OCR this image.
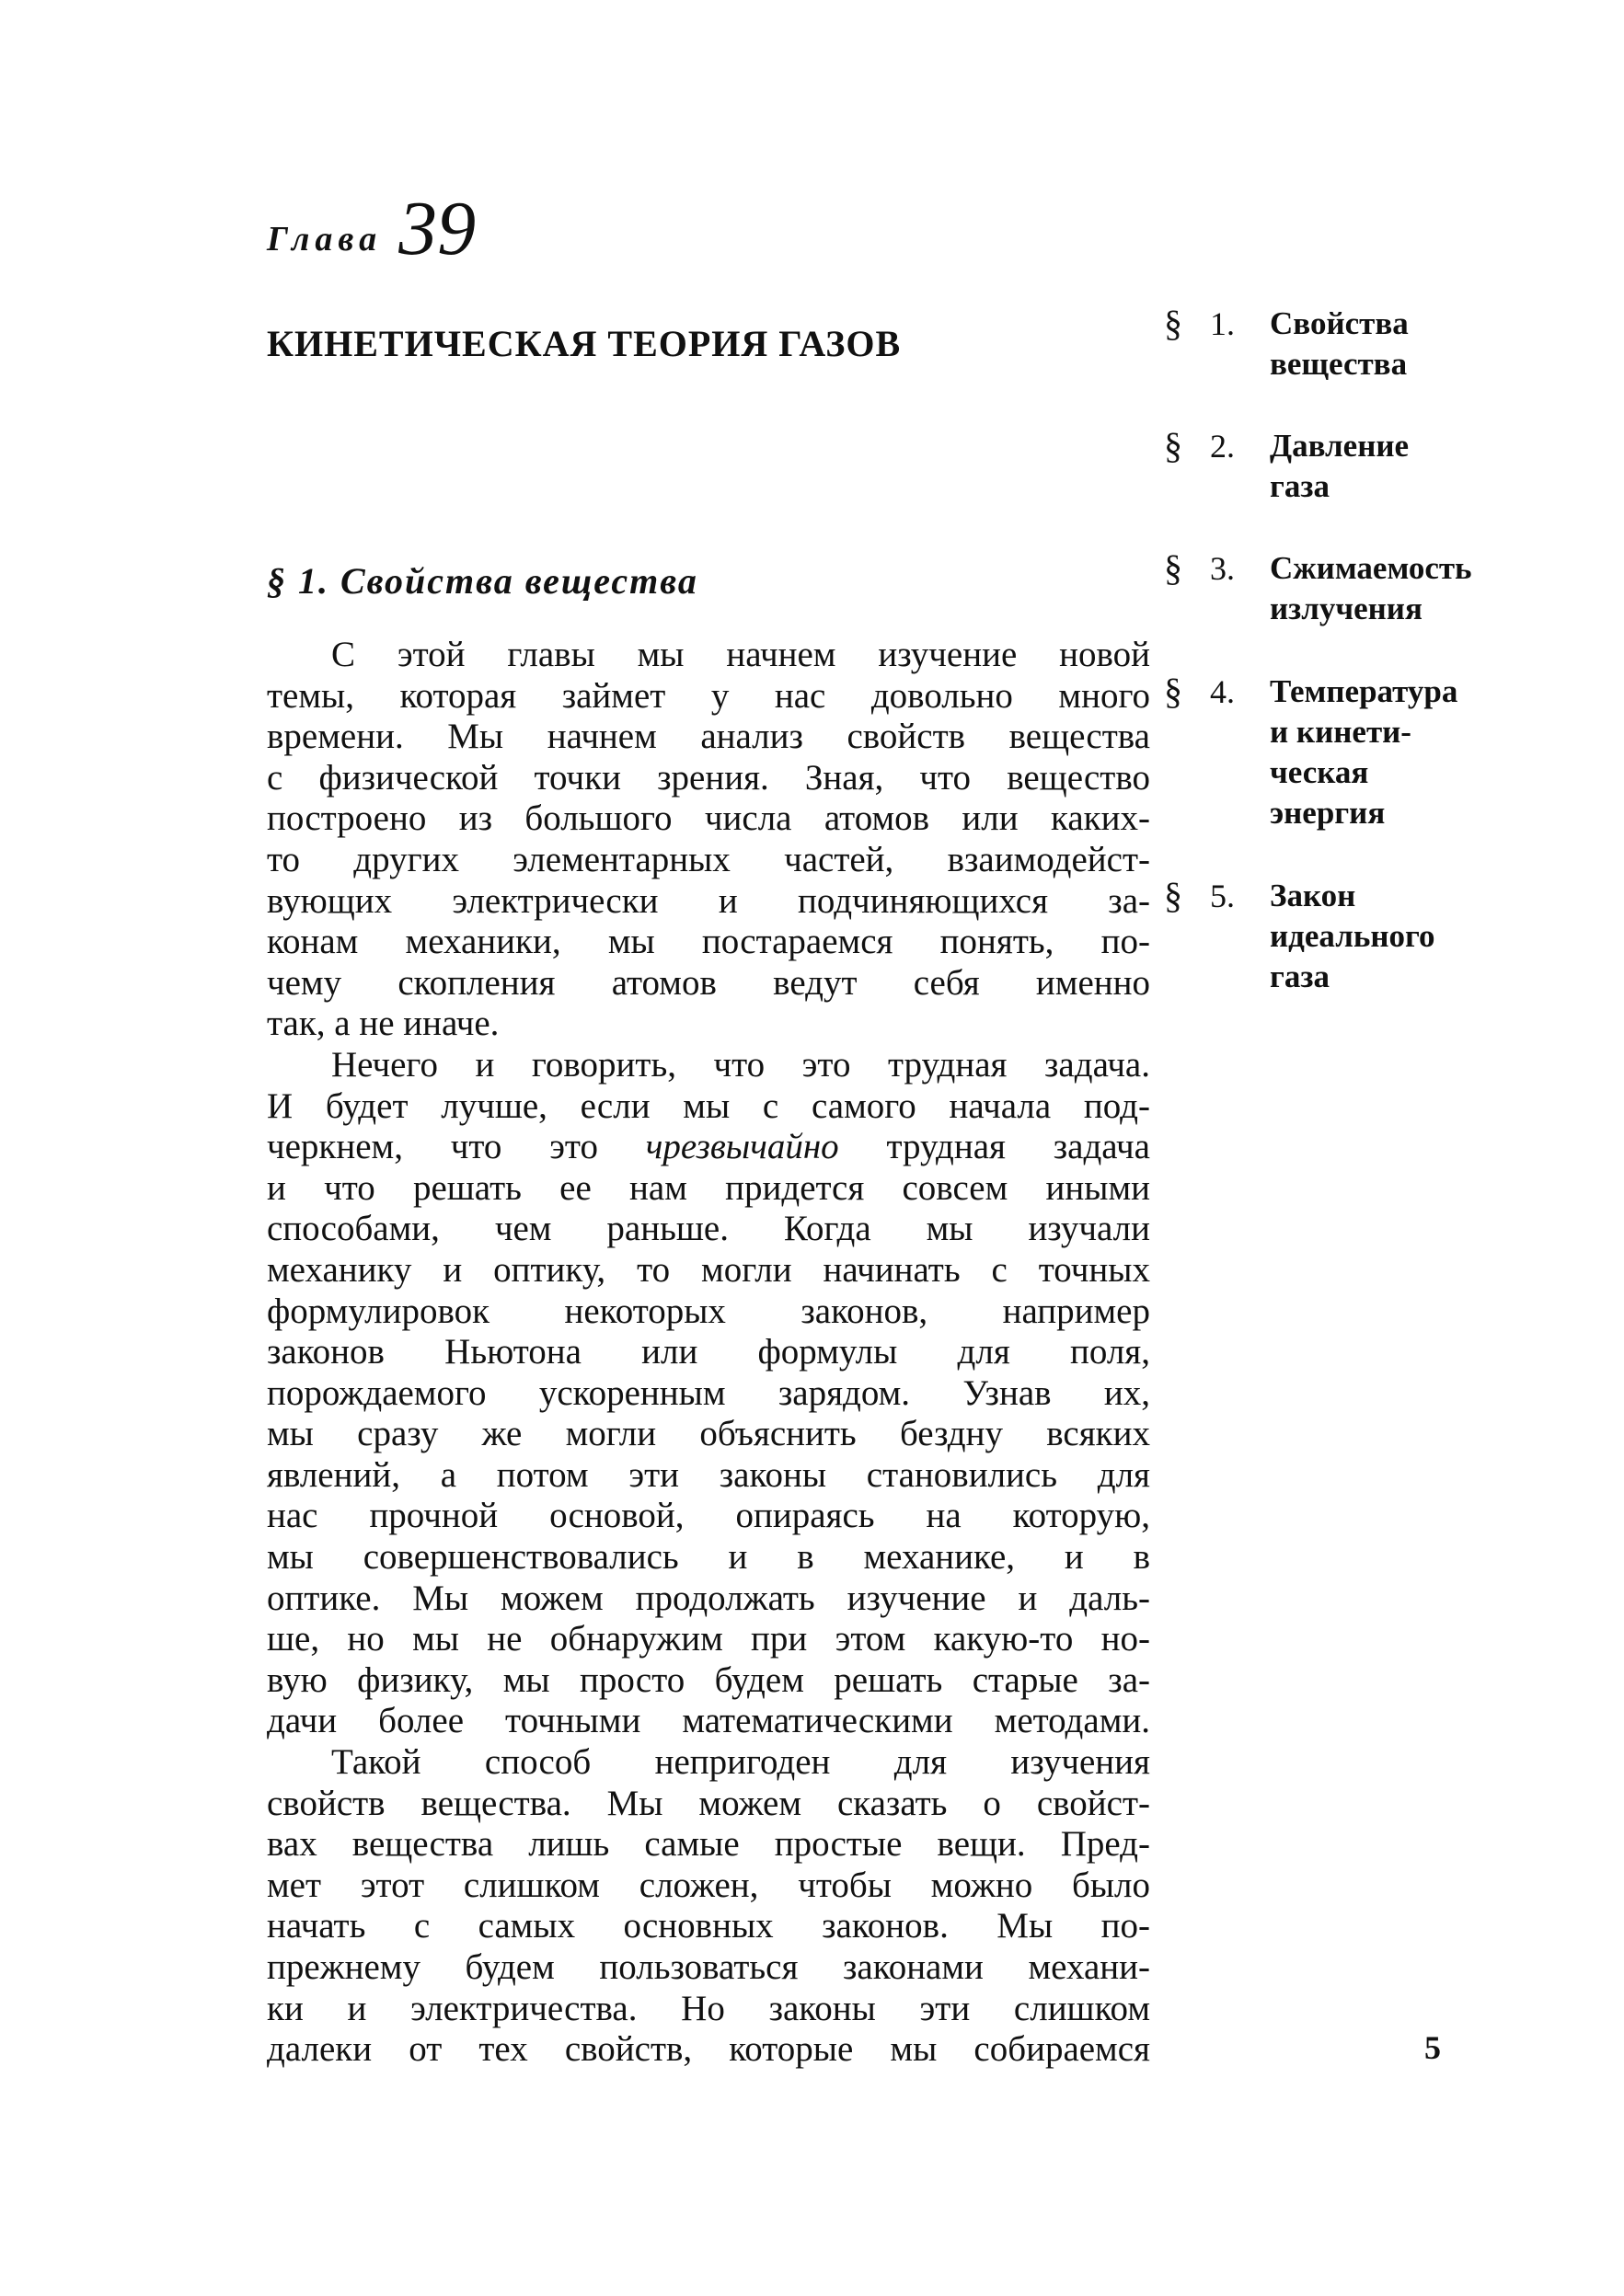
Глава 39
КИНЕТИЧЕСКАЯ ТЕОРИЯ ГАЗОВ
§ 1. Свойства вещества
С этой главы мы начнем изучение новой
темы, которая займет у нас довольно много
времени. Мы начнем анализ свойств вещества
с физической точки зрения. Зная, что вещество
построено из большого числа атомов или каких-
то других элементарных частей, взаимодейст-
вующих электрически и подчиняющихся за-
конам механики, мы постараемся понять, по-
чему скопления атомов ведут себя именно
так, а не иначе.
Нечего и говорить, что это трудная задача.
И будет лучше, если мы с самого начала под-
черкнем, что это чрезвычайно трудная задача
и что решать ее нам придется совсем иными
способами, чем раньше. Когда мы изучали
механику и оптику, то могли начинать с точных
формулировок некоторых законов, например
законов Ньютона или формулы для поля,
порождаемого ускоренным зарядом. Узнав их,
мы сразу же могли объяснить бездну всяких
явлений, а потом эти законы становились для
нас прочной основой, опираясь на которую,
мы совершенствовались и в механике, и в
оптике. Мы можем продолжать изучение и даль-
ше, но мы не обнаружим при этом какую-то но-
вую физику, мы просто будем решать старые за-
дачи более точными математическими методами.
Такой способ непригоден для изучения
свойств вещества. Мы можем сказать о свойст-
вах вещества лишь самые простые вещи. Пред-
мет этот слишком сложен, чтобы можно было
начать с самых основных законов. Мы по-
прежнему будем пользоваться законами механи-
ки и электричества. Но законы эти слишком
далеки от тех свойств, которые мы собираемся
§ 1. Свойства
вещества
§ 2. Давление
газа
§ 3. Сжимаемость
излучения
§ 4. Температура
и кинети-
ческая
энергия
§ 5. Закон
идеального
газа
5
